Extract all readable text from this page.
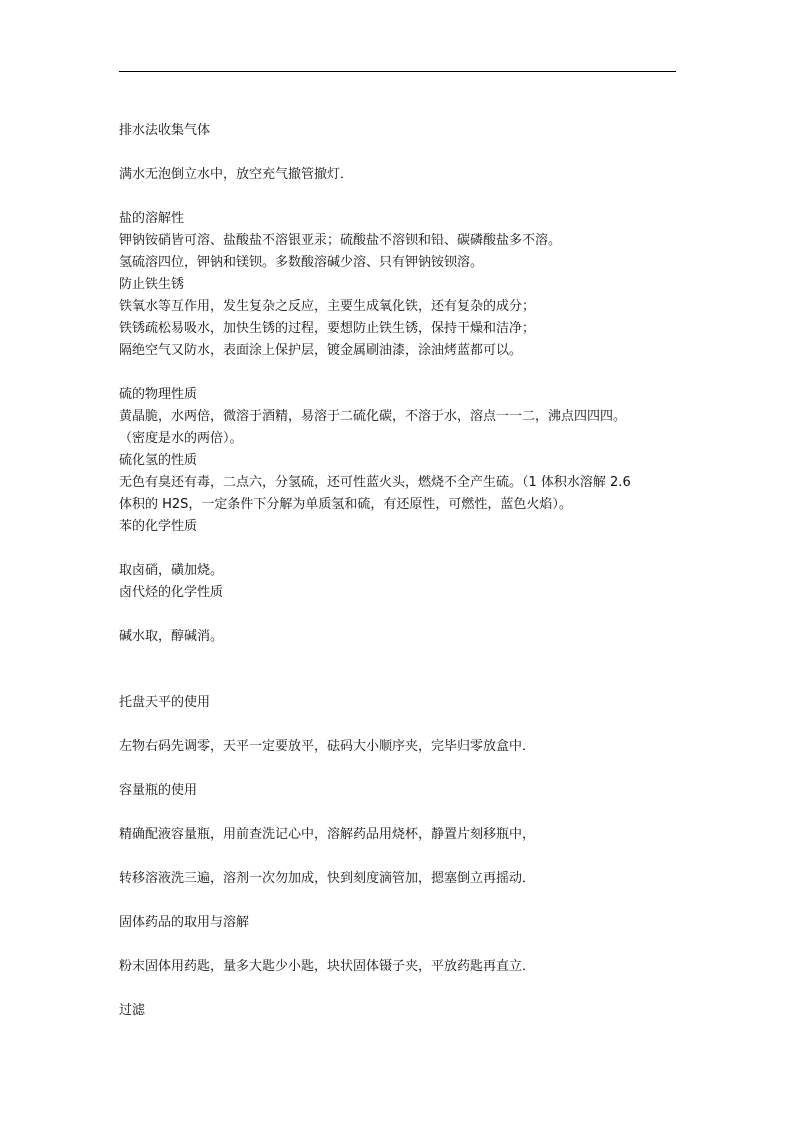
排水法收集气体
满水无泡倒立水中，放空充气撤管撤灯．
盐的溶解性
钾钠铵硝皆可溶、盐酸盐不溶银亚汞；硫酸盐不溶钡和铅、碳磷酸盐多不溶。
氢硫溶四位，钾钠和镁钡。多数酸溶碱少溶、只有钾钠铵钡溶。
防止铁生锈
铁氧水等互作用，发生复杂之反应，主要生成氧化铁，还有复杂的成分；
铁锈疏松易吸水，加快生锈的过程，要想防止铁生锈，保持干燥和洁净；
隔绝空气又防水，表面涂上保护层，镀金属刷油漆，涂油烤蓝都可以。
硫的物理性质
黄晶脆，水两倍，微溶于酒精，易溶于二硫化碳，不溶于水，溶点一一二，沸点四四四。
（密度是水的两倍）。
硫化氢的性质
无色有臭还有毒，二点六，分氢硫，还可性蓝火头，燃烧不全产生硫。（1 体积水溶解 2.6
体积的 H2S，一定条件下分解为单质氢和硫，有还原性，可燃性，蓝色火焰）。
苯的化学性质
取卤硝，磺加烧。
卤代烃的化学性质
碱水取，醇碱消。
托盘天平的使用
左物右码先调零，天平一定要放平，砝码大小顺序夹，完毕归零放盒中．
容量瓶的使用
精确配液容量瓶，用前查洗记心中，溶解药品用烧杯，静置片刻移瓶中，
转移溶液洗三遍，溶剂一次勿加成，快到刻度滴管加，摁塞倒立再摇动．
固体药品的取用与溶解
粉末固体用药匙，量多大匙少小匙，块状固体镊子夹，平放药匙再直立．
过滤
